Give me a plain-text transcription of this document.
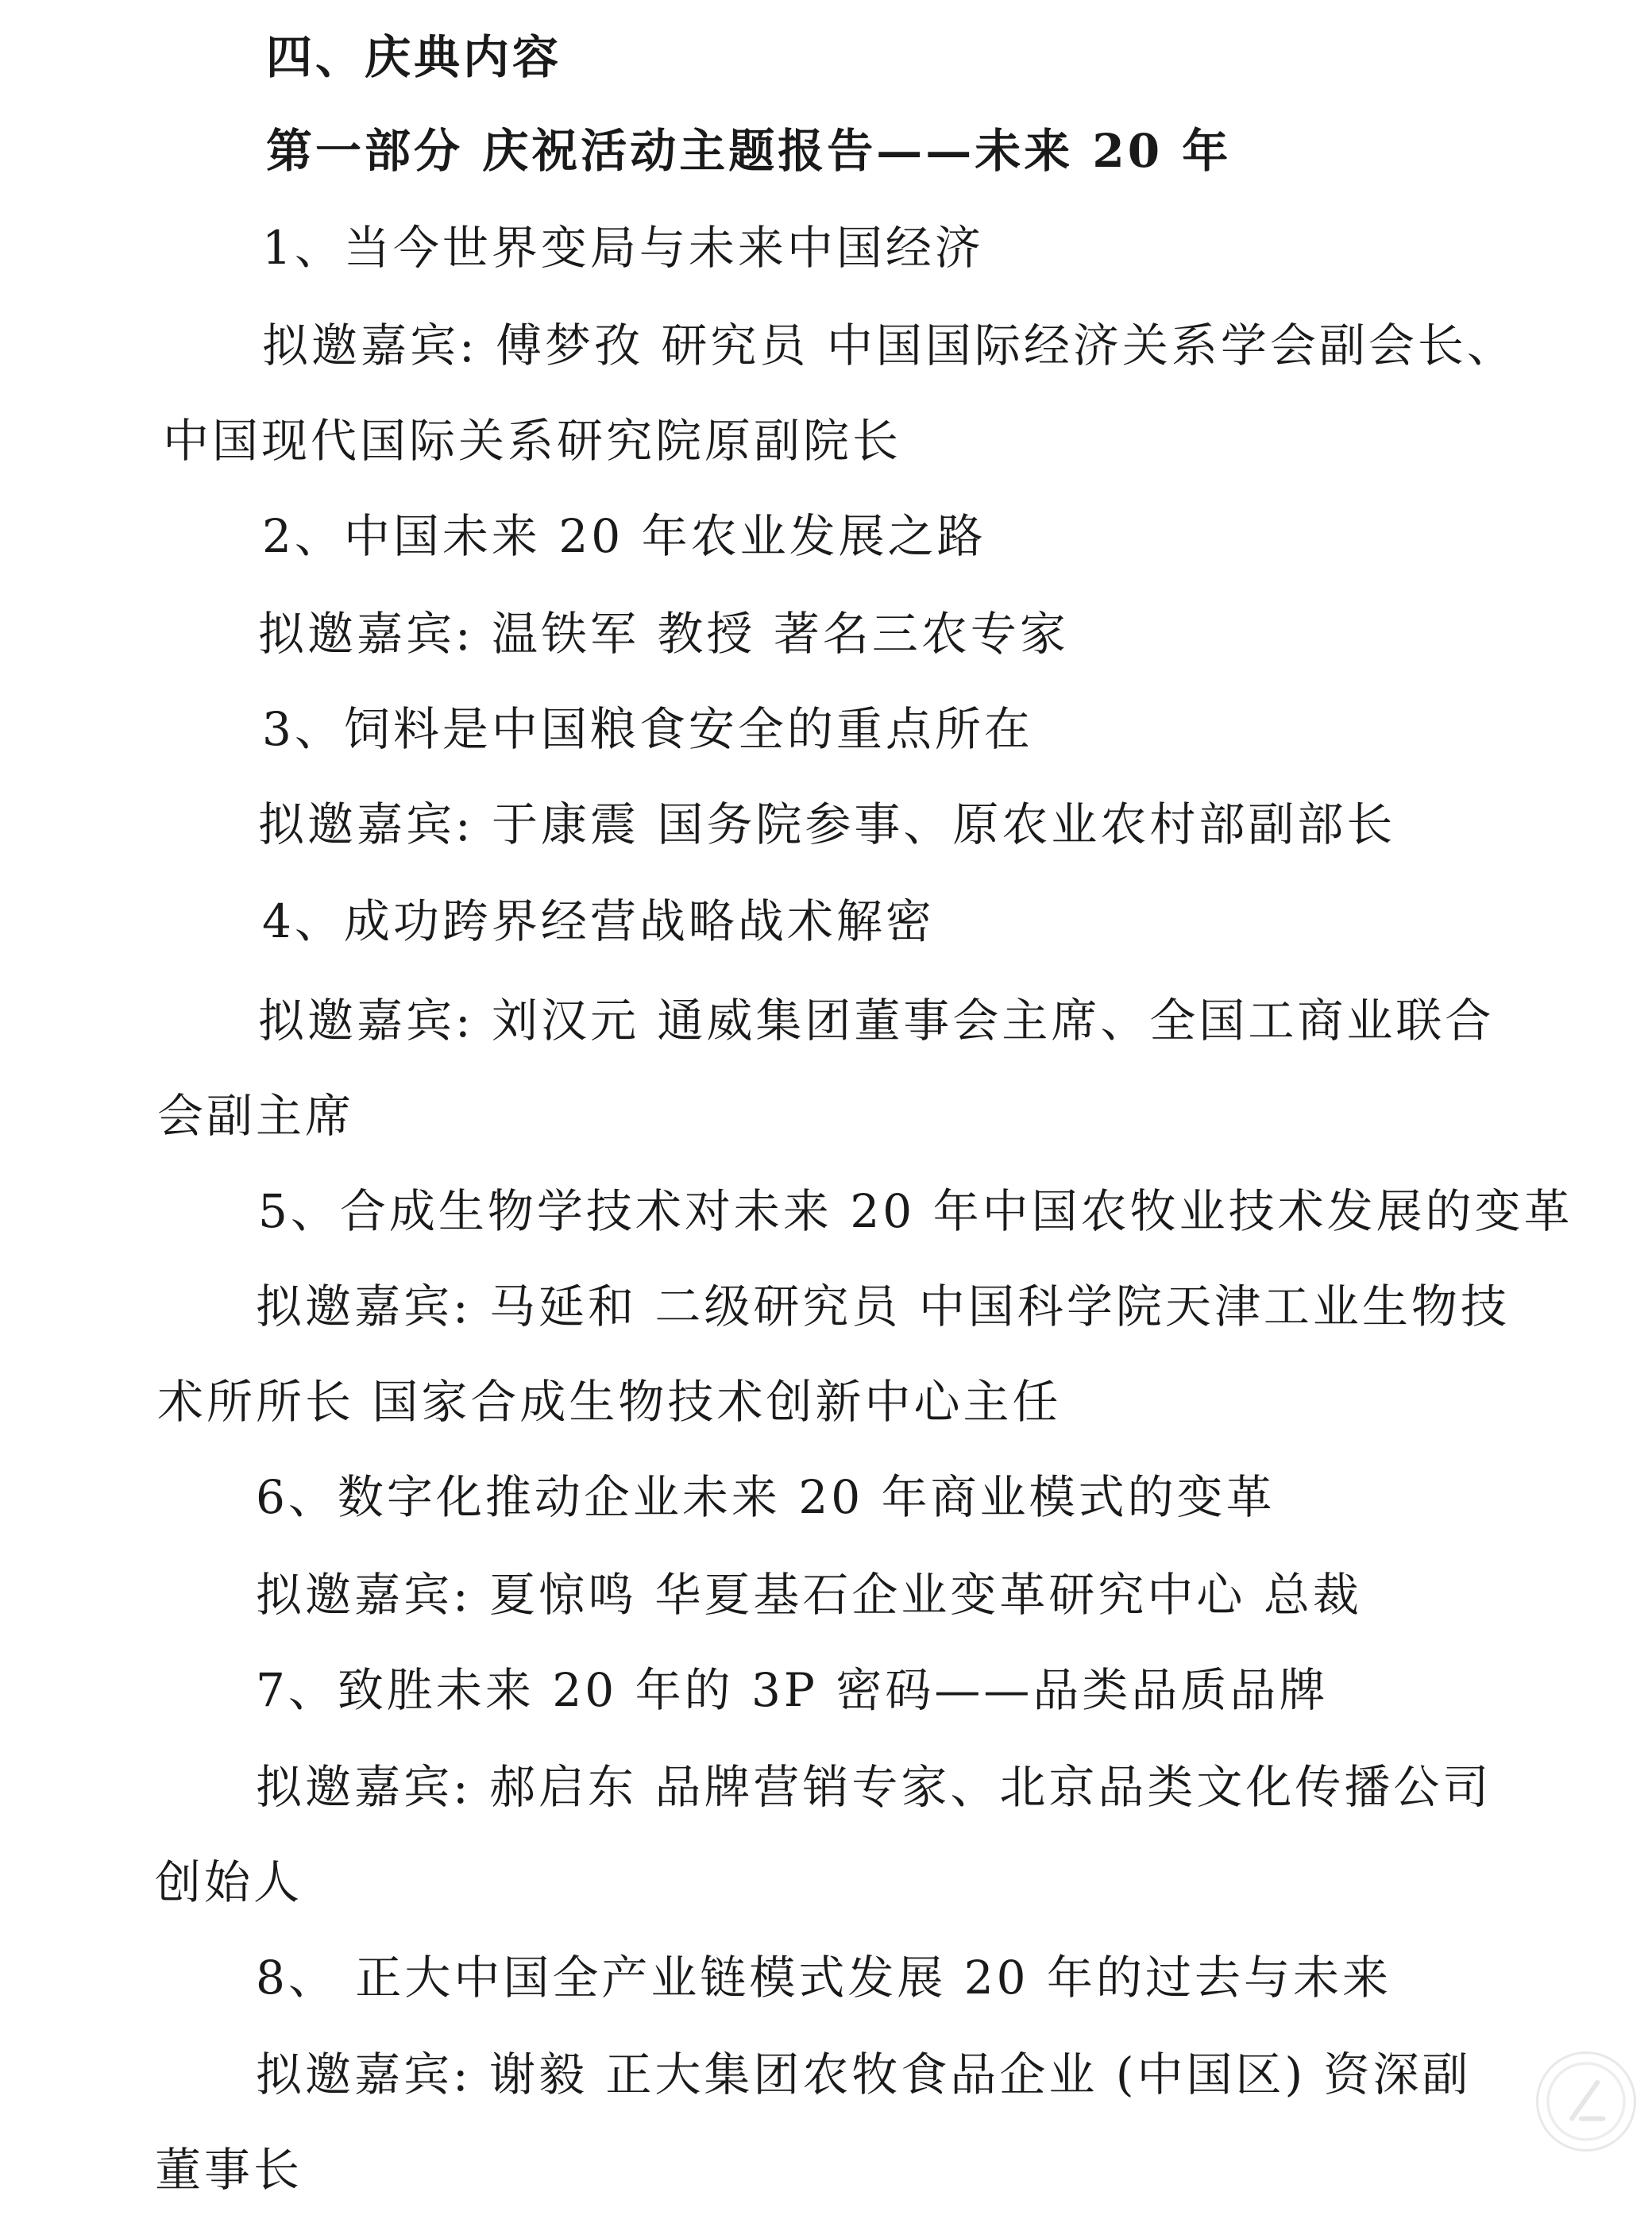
四、庆典内容
第一部分 庆祝活动主题报告——未来 20 年
1、当今世界变局与未来中国经济
拟邀嘉宾: 傅梦孜 研究员 中国国际经济关系学会副会长、
中国现代国际关系研究院原副院长
2、中国未来 20 年农业发展之路
拟邀嘉宾: 温铁军 教授 著名三农专家
3、饲料是中国粮食安全的重点所在
拟邀嘉宾: 于康震 国务院参事、原农业农村部副部长
4、成功跨界经营战略战术解密
拟邀嘉宾: 刘汉元 通威集团董事会主席、全国工商业联合
会副主席
5、合成生物学技术对未来 20 年中国农牧业技术发展的变革
拟邀嘉宾: 马延和 二级研究员 中国科学院天津工业生物技
术所所长 国家合成生物技术创新中心主任
6、数字化推动企业未来 20 年商业模式的变革
拟邀嘉宾: 夏惊鸣 华夏基石企业变革研究中心 总裁
7、致胜未来 20 年的 3P 密码——品类品质品牌
拟邀嘉宾: 郝启东 品牌营销专家、北京品类文化传播公司
创始人
8、 正大中国全产业链模式发展 20 年的过去与未来
拟邀嘉宾: 谢毅 正大集团农牧食品企业 (中国区) 资深副
董事长
